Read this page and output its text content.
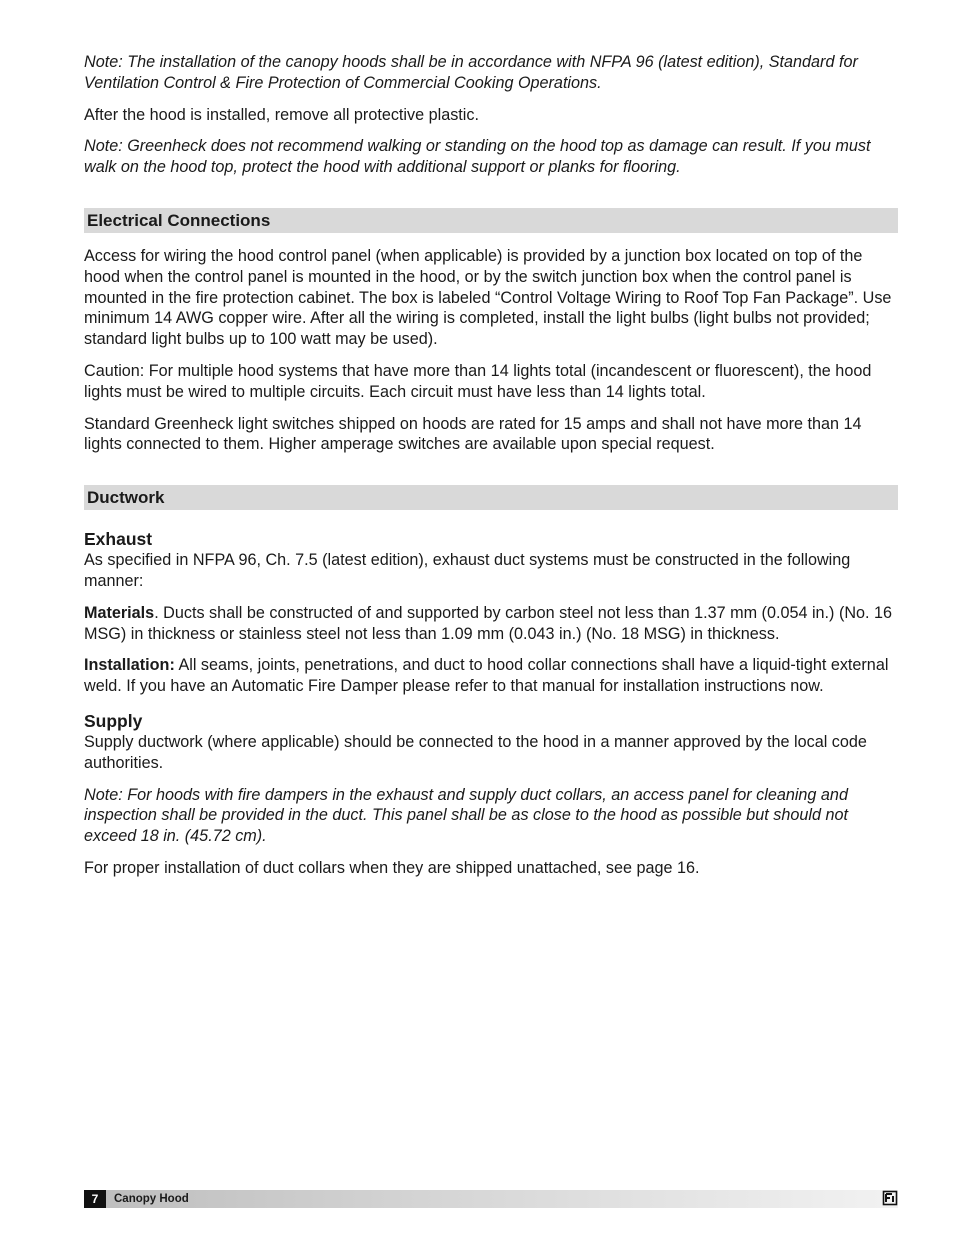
Note: The installation of the canopy hoods shall be in accordance with NFPA 96 (latest edition), Standard for Ventilation Control & Fire Protection of Commercial Cooking Operations.

After the hood is installed, remove all protective plastic.

Note: Greenheck does not recommend walking or standing on the hood top as damage can result. If you must walk on the hood top, protect the hood with additional support or planks for flooring.

Electrical Connections

Access for wiring the hood control panel (when applicable) is provided by a junction box located on top of the hood when the control panel is mounted in the hood, or by the switch junction box when the control panel is mounted in the fire protection cabinet. The box is labeled “Control Voltage Wiring to Roof Top Fan Package”. Use minimum 14 AWG copper wire. After all the wiring is completed, install the light bulbs (light bulbs not provided; standard light bulbs up to 100 watt may be used).

Caution: For multiple hood systems that have more than 14 lights total (incandescent or fluorescent), the hood lights must be wired to multiple circuits. Each circuit must have less than 14 lights total.

Standard Greenheck light switches shipped on hoods are rated for 15 amps and shall not have more than 14 lights connected to them. Higher amperage switches are available upon special request.

Ductwork
Exhaust

As specified in NFPA 96, Ch. 7.5 (latest edition), exhaust duct systems must be constructed in the following manner:

Materials. Ducts shall be constructed of and supported by carbon steel not less than 1.37 mm (0.054 in.) (No. 16 MSG) in thickness or stainless steel not less than 1.09 mm (0.043 in.) (No. 18 MSG) in thickness.

Installation: All seams, joints, penetrations, and duct to hood collar connections shall have a liquid-tight external weld. If you have an Automatic Fire Damper please refer to that manual for installation instructions now.

Supply

Supply ductwork (where applicable) should be connected to the hood in a manner approved by the local code authorities.

Note: For hoods with fire dampers in the exhaust and supply duct collars, an access panel for cleaning and inspection shall be provided in the duct. This panel shall be as close to the hood as possible but should not exceed 18 in. (45.72 cm).

For proper installation of duct collars when they are shipped unattached, see page 16.

7	Canopy Hood
